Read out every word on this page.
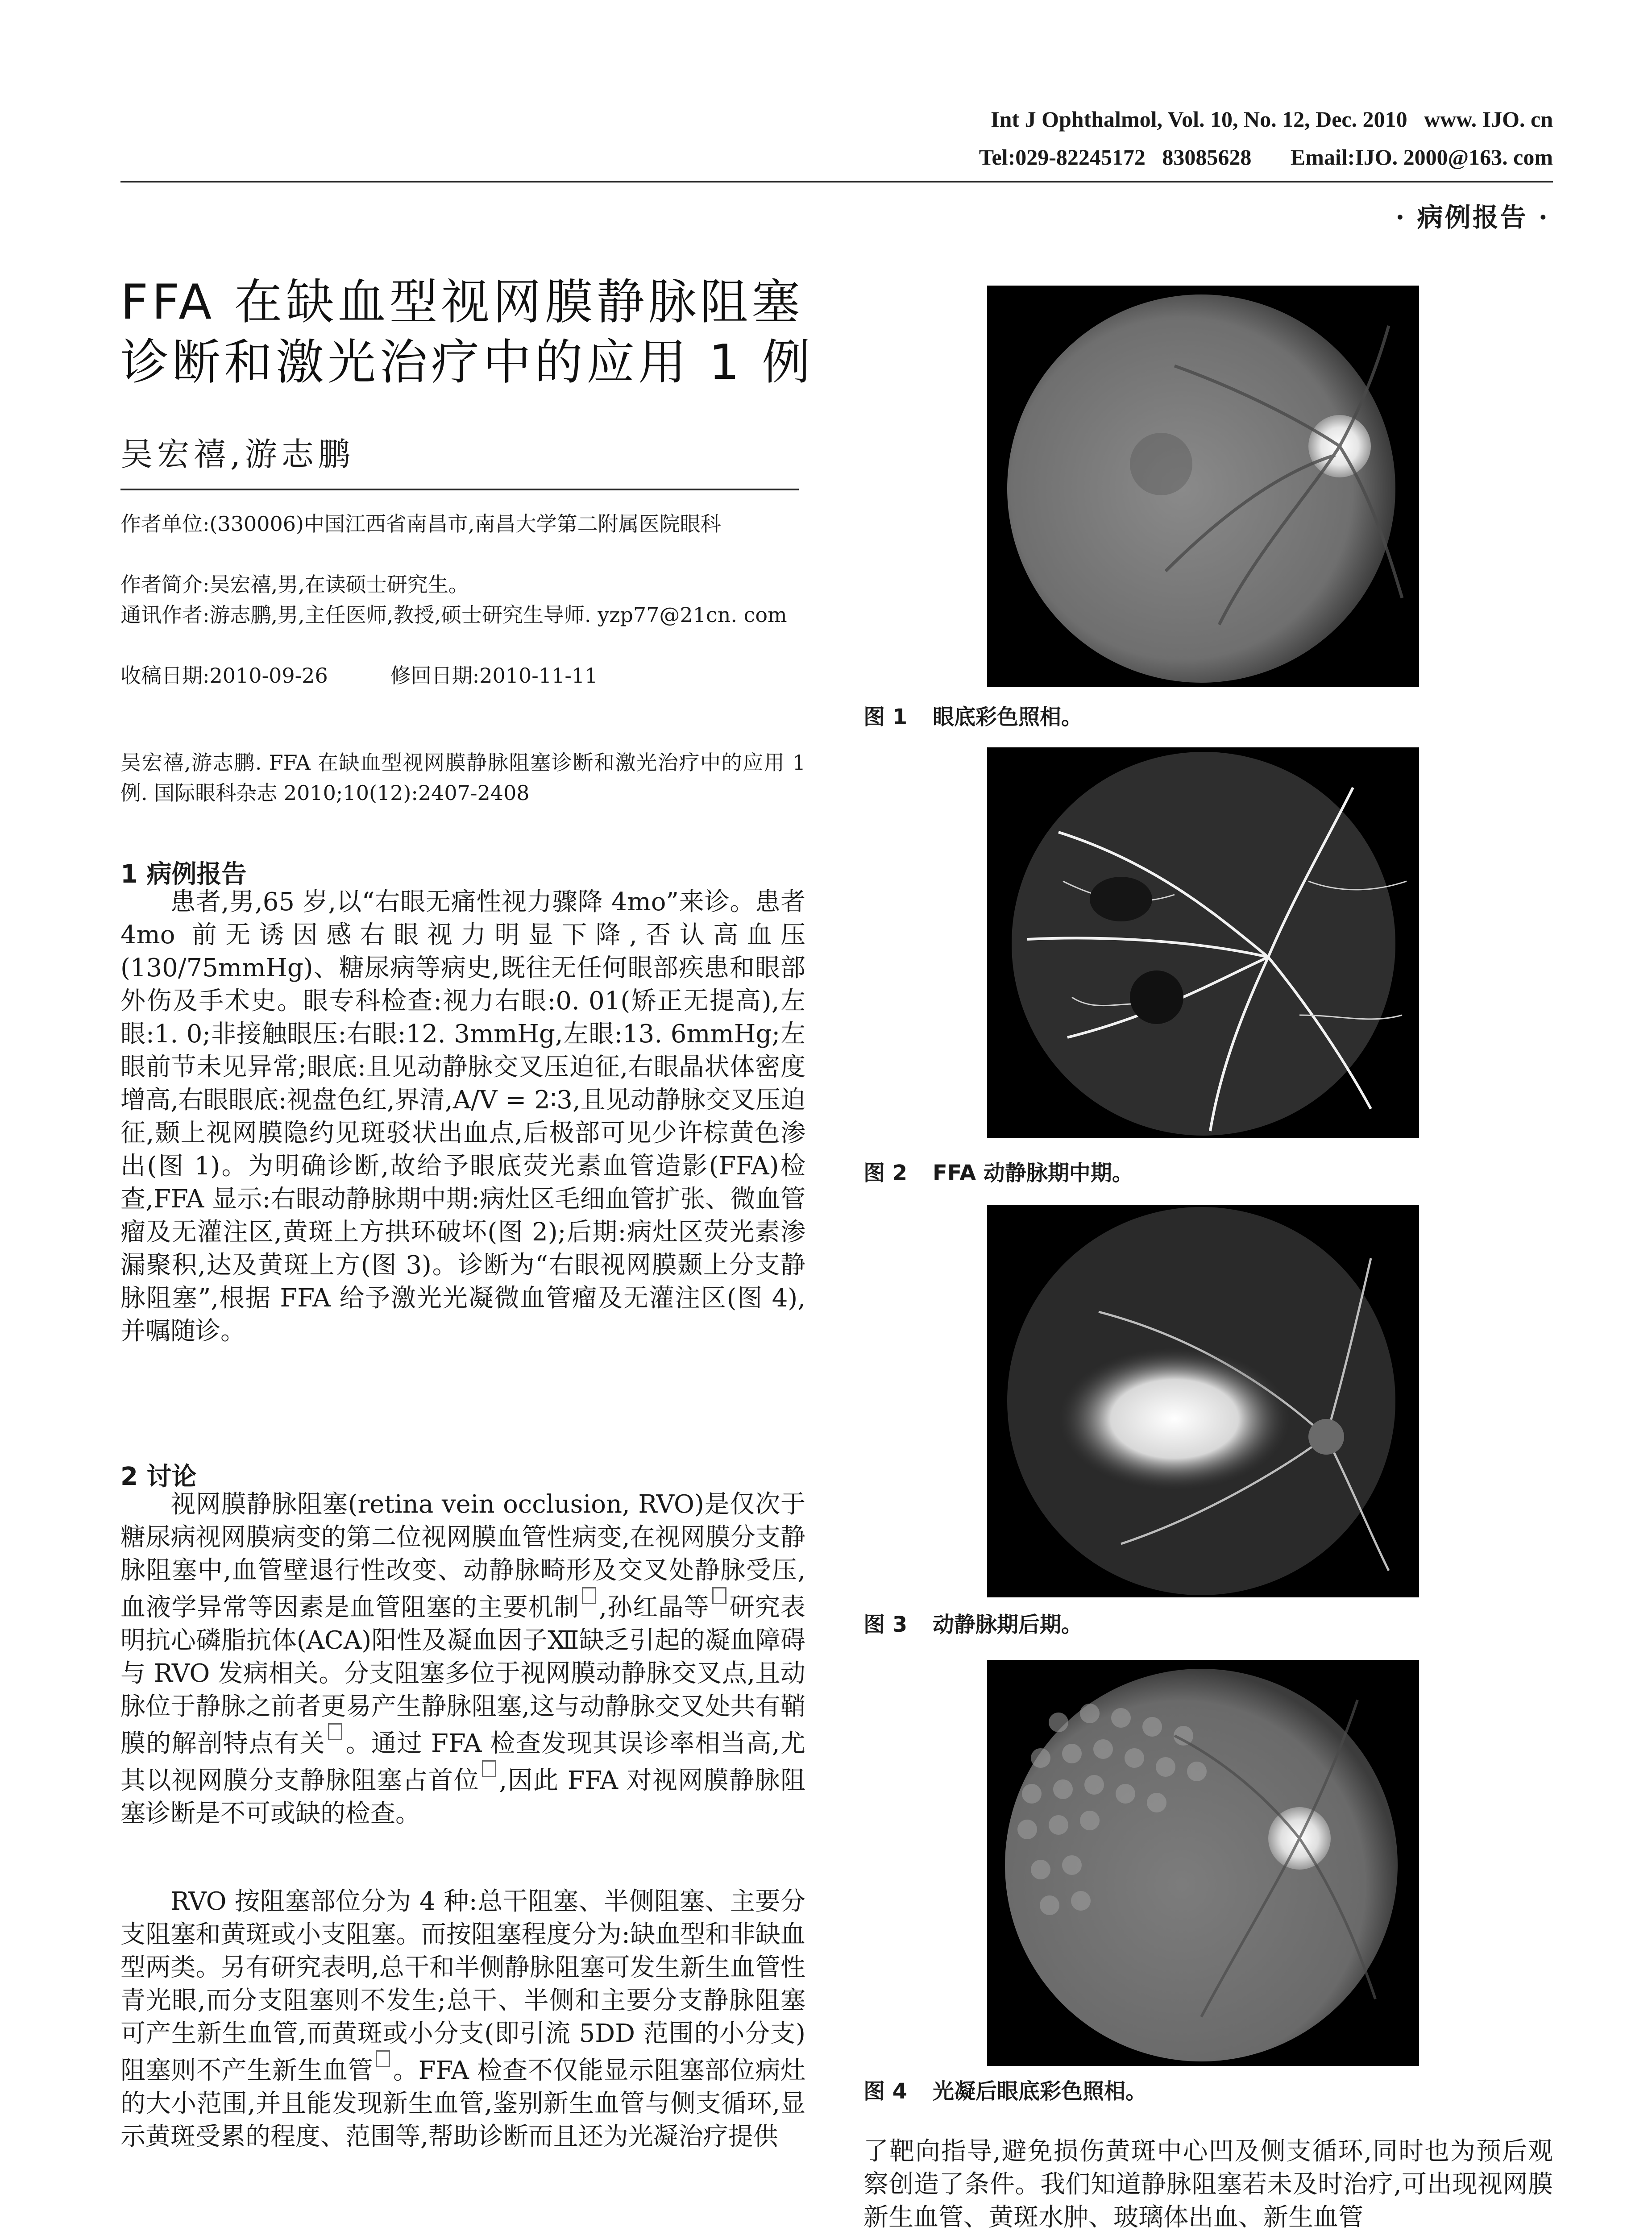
Int J Ophthalmol, Vol. 10, No. 12, Dec. 2010   www. IJO. cn
Tel:029-82245172   83085628       Email:IJO. 2000@163. com
· 病例报告 ·
FFA 在缺血型视网膜静脉阻塞
诊断和激光治疗中的应用 1 例
吴宏禧,游志鹏
作者单位:(330006)中国江西省南昌市,南昌大学第二附属医院眼科
作者简介:吴宏禧,男,在读硕士研究生。
通讯作者:游志鹏,男,主任医师,教授,硕士研究生导师. yzp77@21cn. com
收稿日期:2010-09-26	修回日期:2010-11-11
吴宏禧,游志鹏. FFA 在缺血型视网膜静脉阻塞诊断和激光治疗中的应用 1 例. 国际眼科杂志 2010;10(12):2407-2408
1 病例报告

患者,男,65 岁,以“右眼无痛性视力骤降 4mo”来诊。患者 4mo 前无诱因感右眼视力明显下降,否认高血压(130/75mmHg)、糖尿病等病史,既往无任何眼部疾患和眼部外伤及手术史。眼专科检查:视力右眼:0. 01(矫正无提高),左眼:1. 0;非接触眼压:右眼:12. 3mmHg,左眼:13. 6mmHg;左眼前节未见异常;眼底:且见动静脉交叉压迫征,右眼晶状体密度增高,右眼眼底:视盘色红,界清,A/V = 2∶3,且见动静脉交叉压迫征,颞上视网膜隐约见斑驳状出血点,后极部可见少许棕黄色渗出(图 1)。为明确诊断,故给予眼底荧光素血管造影(FFA)检查,FFA 显示:右眼动静脉期中期:病灶区毛细血管扩张、微血管瘤及无灌注区,黄斑上方拱环破坏(图 2);后期:病灶区荧光素渗漏聚积,达及黄斑上方(图 3)。诊断为“右眼视网膜颞上分支静脉阻塞”,根据 FFA 给予激光光凝微血管瘤及无灌注区(图 4),并嘱随诊。

2 讨论

视网膜静脉阻塞(retina vein occlusion, RVO)是仅次于糖尿病视网膜病变的第二位视网膜血管性病变,在视网膜分支静脉阻塞中,血管壁退行性改变、动静脉畸形及交叉处静脉受压,血液学异常等因素是血管阻塞的主要机制 ,孙红晶等 研究表明抗心磷脂抗体(ACA)阳性及凝血因子Ⅻ缺乏引起的凝血障碍与 RVO 发病相关。分支阻塞多位于视网膜动静脉交叉点,且动脉位于静脉之前者更易产生静脉阻塞,这与动静脉交叉处共有鞘膜的解剖特点有关 。通过 FFA 检查发现其误诊率相当高,尤其以视网膜分支静脉阻塞占首位 ,因此 FFA 对视网膜静脉阻塞诊断是不可或缺的检查。

RVO 按阻塞部位分为 4 种:总干阻塞、半侧阻塞、主要分支阻塞和黄斑或小支阻塞。而按阻塞程度分为:缺血型和非缺血型两类。另有研究表明,总干和半侧静脉阻塞可发生新生血管性青光眼,而分支阻塞则不发生;总干、半侧和主要分支静脉阻塞可产生新生血管,而黄斑或小分支(即引流 5DD 范围的小分支)阻塞则不产生新生血管 。FFA 检查不仅能显示阻塞部位病灶的大小范围,并且能发现新生血管,鉴别新生血管与侧支循环,显示黄斑受累的程度、范围等,帮助诊断而且还为光凝治疗提供

图 1 眼底彩色照相。
图 2 FFA 动静脉期中期。
图 3 动静脉期后期。
图 4 光凝后眼底彩色照相。

了靶向指导,避免损伤黄斑中心凹及侧支循环,同时也为预后观察创造了条件。我们知道静脉阻塞若未及时治疗,可出现视网膜新生血管、黄斑水肿、玻璃体出血、新生血管
